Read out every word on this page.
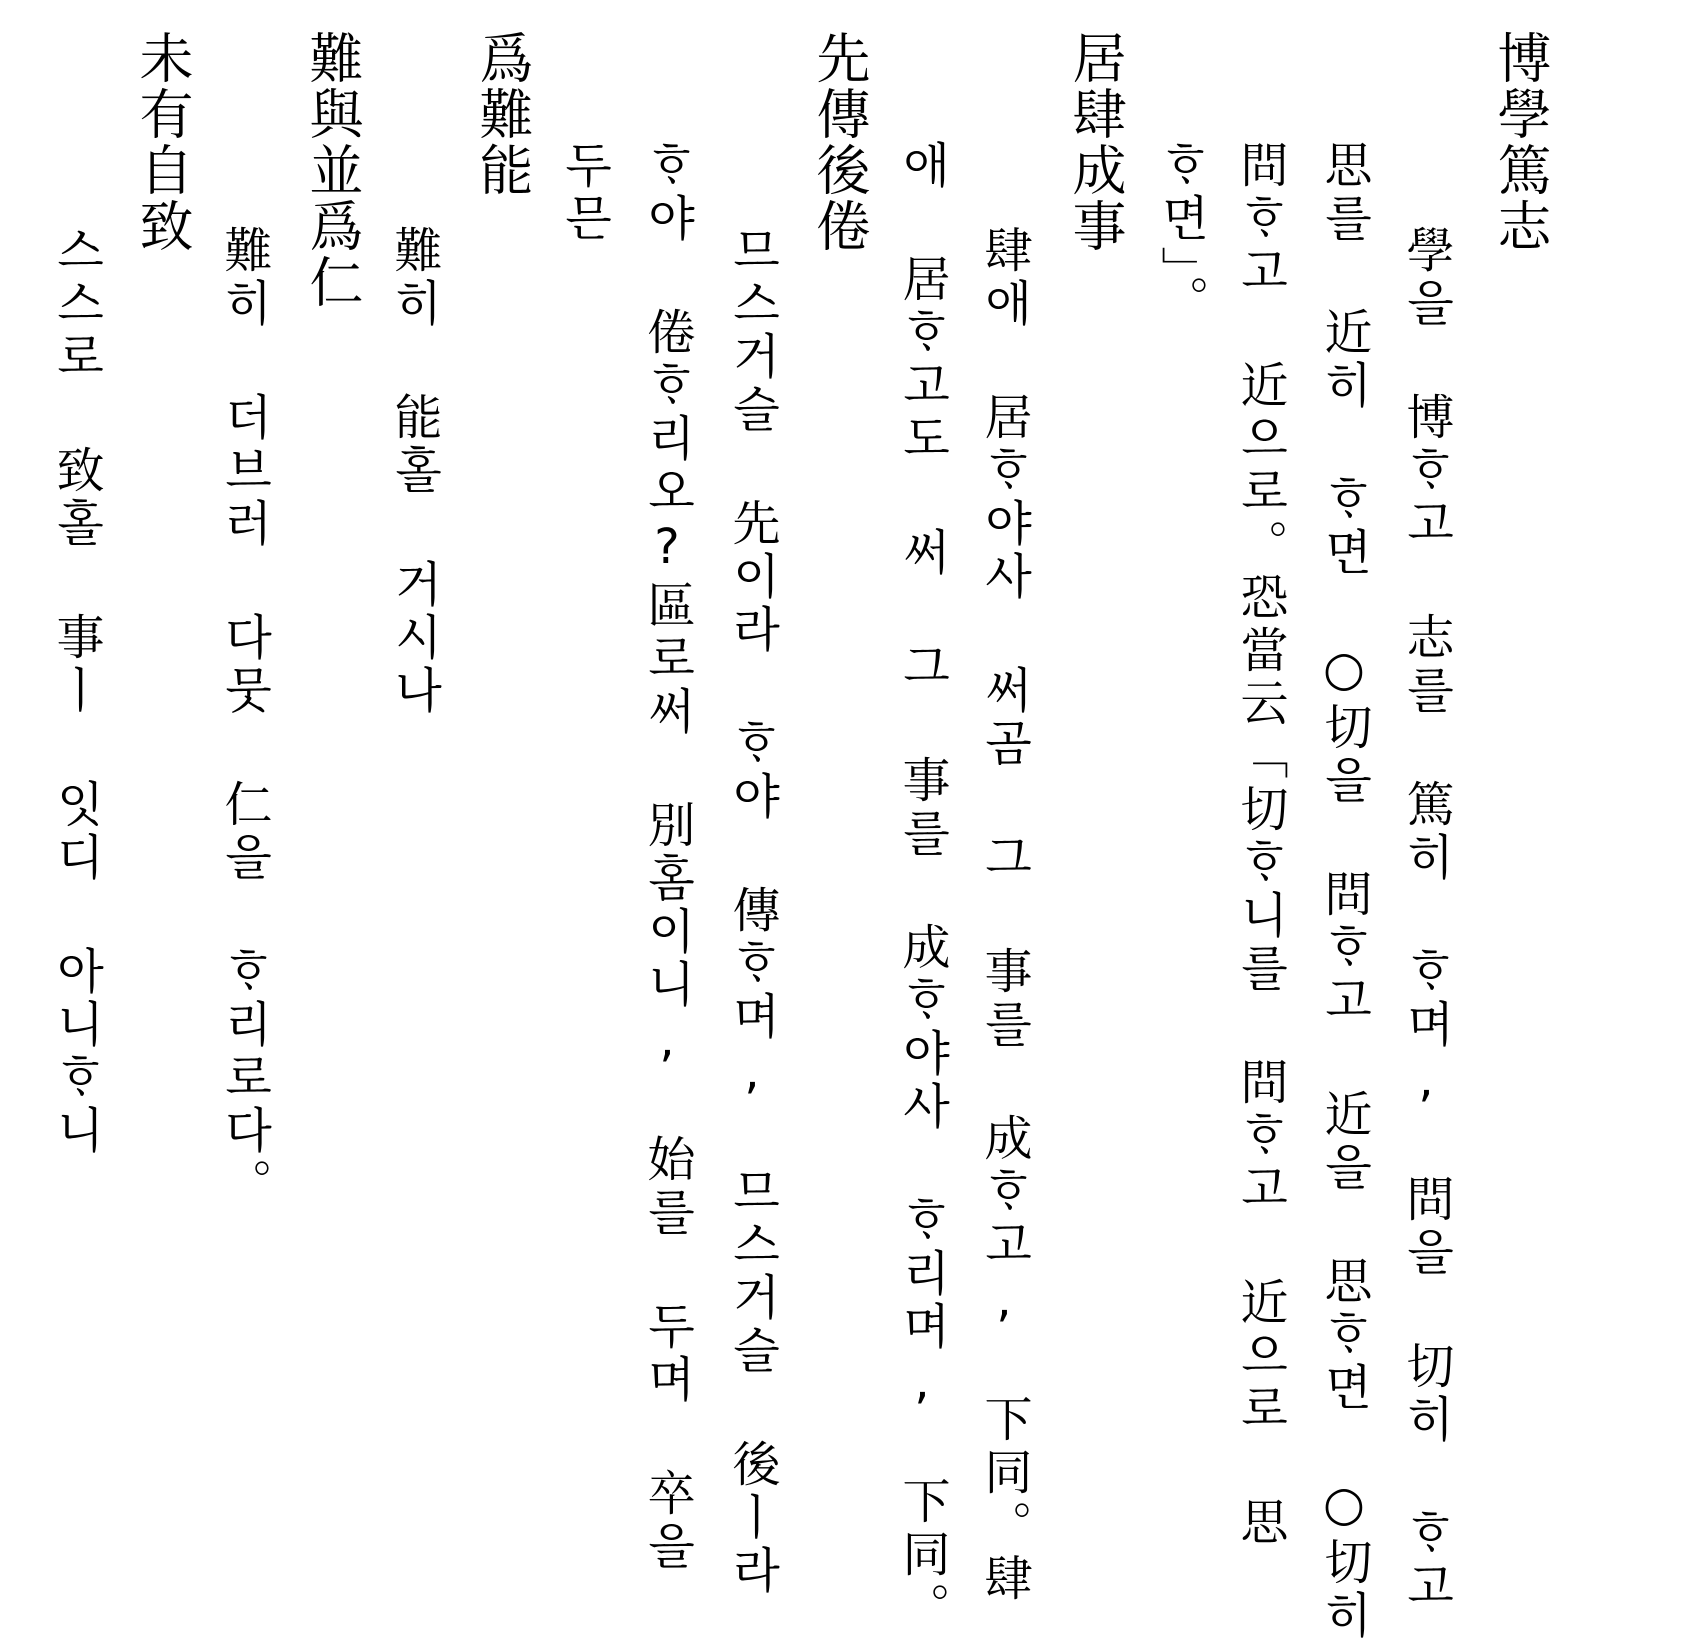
博學篤志
學을 博ᄒᆞ고 志를 篤히 ᄒᆞ며, 問을 切히 ᄒᆞ고
思를 近히 ᄒᆞ면 ○切을 問ᄒᆞ고 近을 思ᄒᆞ면 ○切히
問ᄒᆞ고 近으로。恐當云「切ᄒᆞ니를 問ᄒᆞ고 近으로 思
ᄒᆞ면」。
居肆成事
肆애 居ᄒᆞ야사 써곰 그 事를 成ᄒᆞ고, 下同。肆
애 居ᄒᆞ고도 써 그 事를 成ᄒᆞ야사 ᄒᆞ리며, 下同。
先傳後倦
므스거슬 先이라 ᄒᆞ야 傳ᄒᆞ며, 므스거슬 後ㅣ라
ᄒᆞ야 倦ᄒᆞ리오?區로써 別홈이니, 始를 두며 卒을
두믄
爲難能
難히 能홀 거시나
難與並爲仁
難히 더브러 다뭇 仁을 ᄒᆞ리로다。
未有自致
스스로 致홀 事ㅣ 잇디 아니ᄒᆞ니
